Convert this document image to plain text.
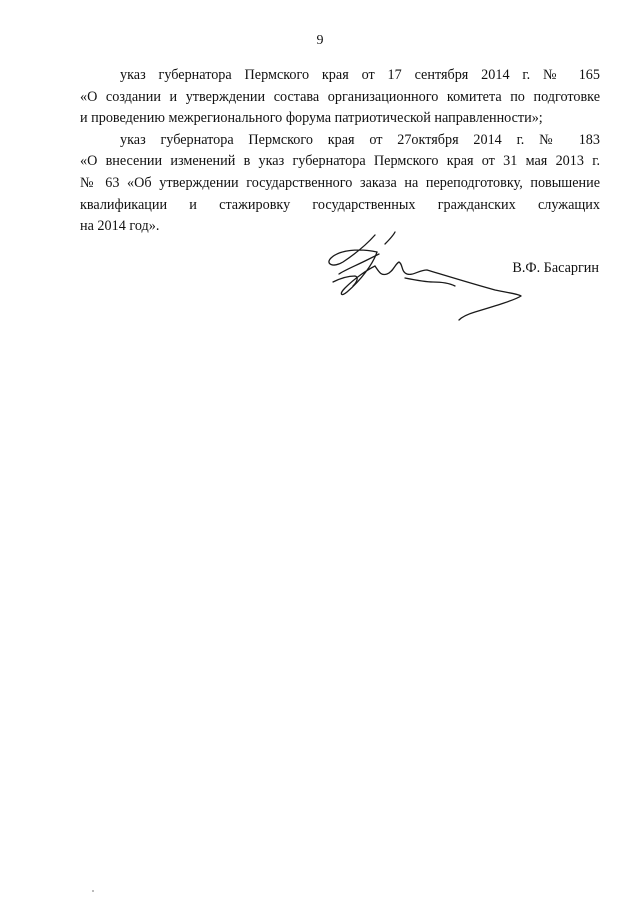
9
указ губернатора Пермского края от 17 сентября 2014 г. № 165
«О создании и утверждении состава организационного комитета по подготовке
и проведению межрегионального форума патриотической направленности»;
указ губернатора Пермского края от 27октября 2014 г. № 183
«О внесении изменений в указ губернатора Пермского края от 31 мая 2013 г.
№ 63 «Об утверждении государственного заказа на переподготовку, повышение
квалификации и стажировку государственных гражданских служащих
на 2014 год».
В.Ф. Басаргин
